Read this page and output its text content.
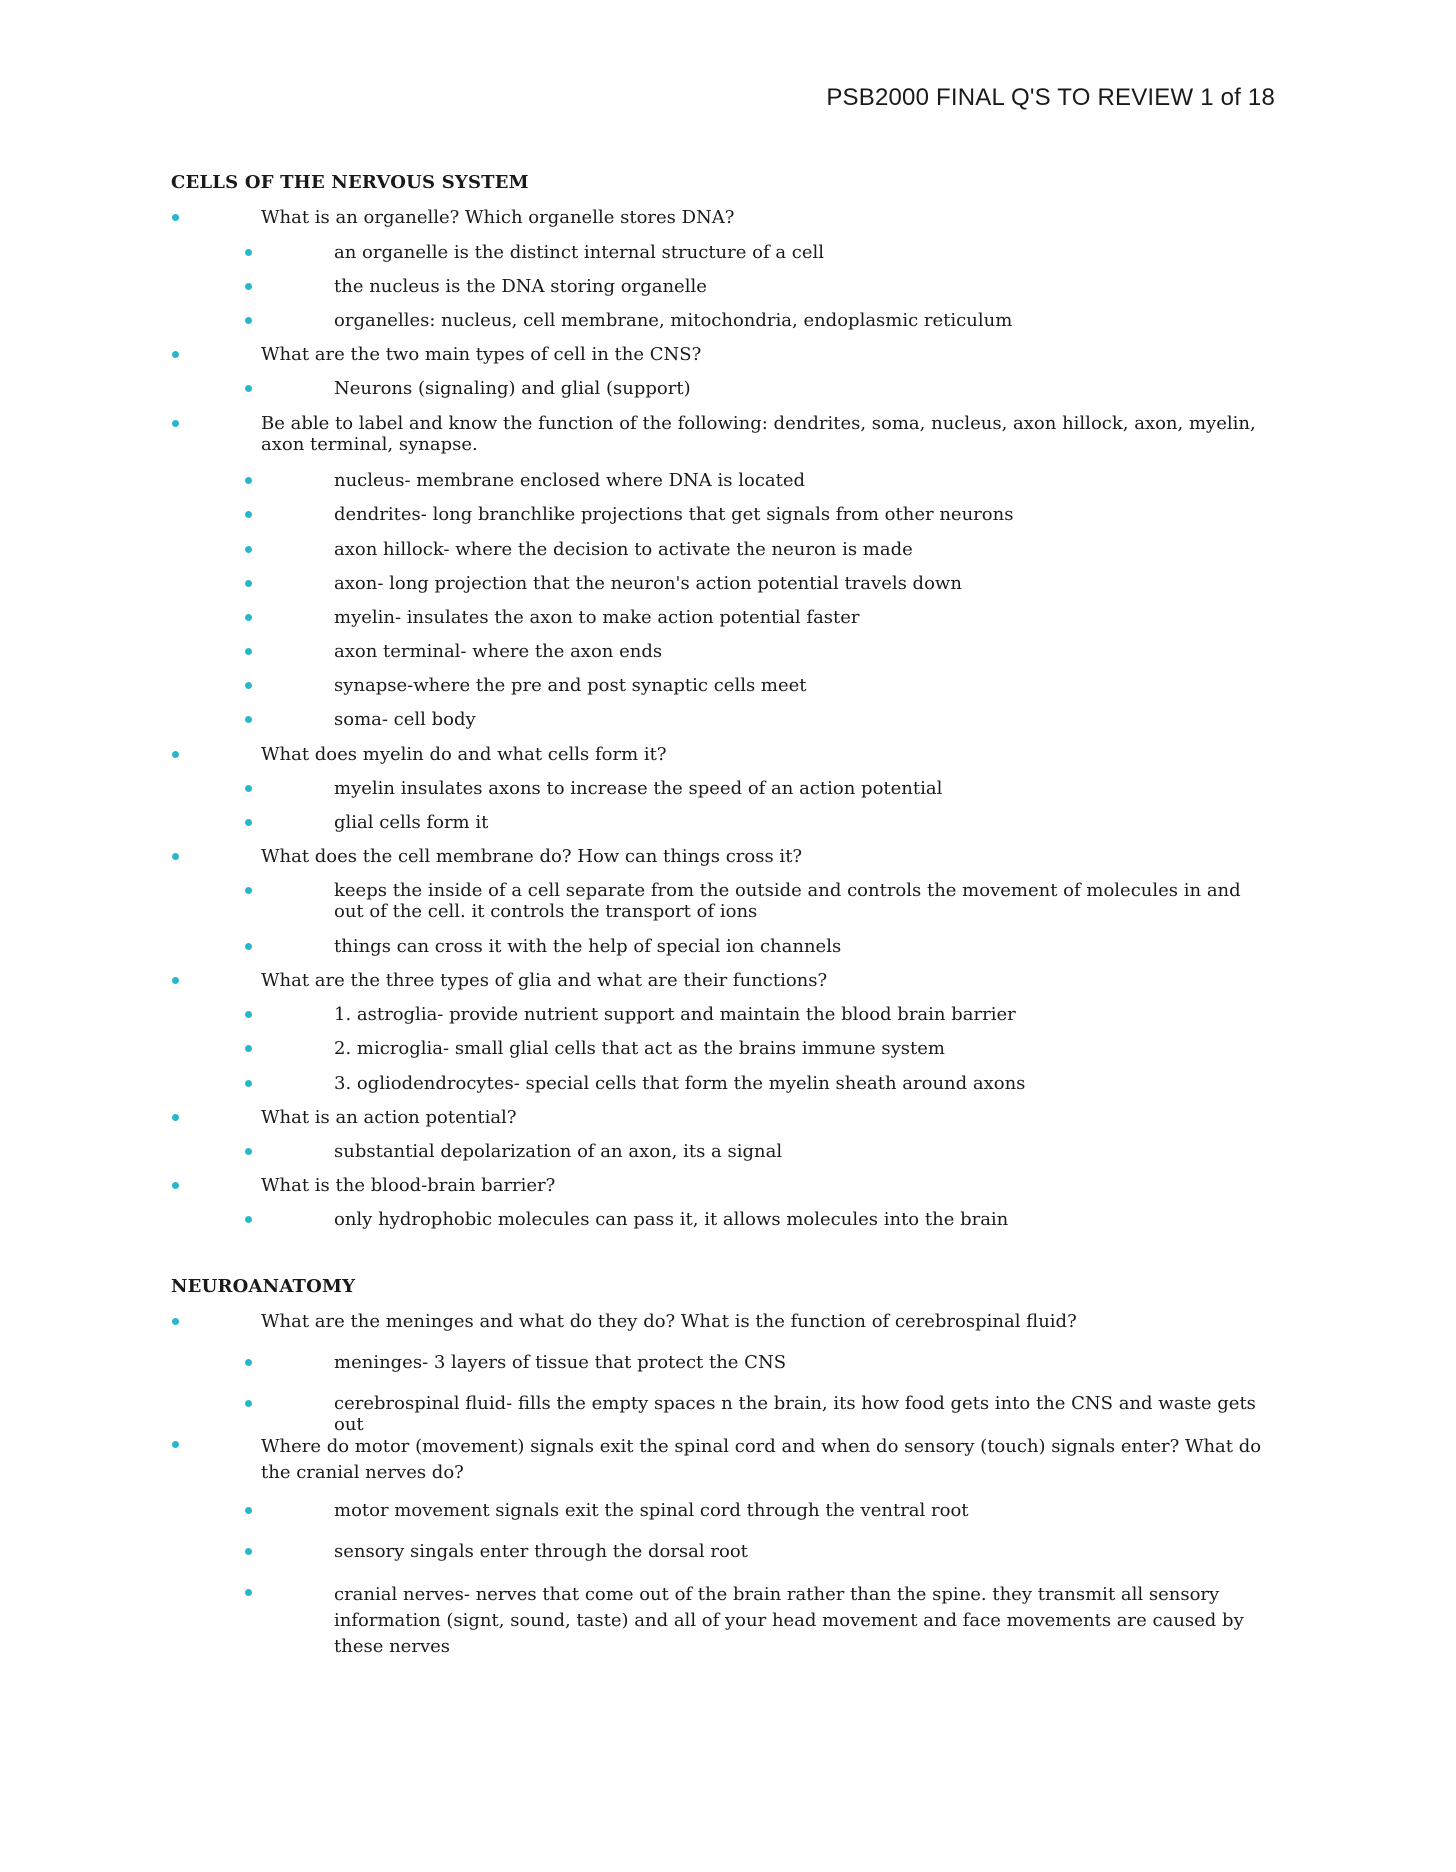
PSB2000 FINAL Q'S TO REVIEW 1 of 18
CELLS OF THE NERVOUS SYSTEM
What is an organelle? Which organelle stores DNA?
an organelle is the distinct internal structure of a cell
the nucleus is the DNA storing organelle
organelles: nucleus, cell membrane, mitochondria, endoplasmic reticulum
What are the two main types of cell in the CNS?
Neurons (signaling) and glial (support)
Be able to label and know the function of the following: dendrites, soma, nucleus, axon hillock, axon, myelin, axon terminal, synapse.
nucleus- membrane enclosed where DNA is located
dendrites- long branchlike projections that get signals from other neurons
axon hillock- where the decision to activate the neuron is made
axon- long projection that the neuron's action potential travels down
myelin- insulates the axon to make action potential faster
axon terminal- where the axon ends
synapse-where the pre and post synaptic cells meet
soma- cell body
What does myelin do and what cells form it?
myelin insulates axons to increase the speed of an action potential
glial cells form it
What does the cell membrane do? How can things cross it?
keeps the inside of a cell separate from the outside and controls the movement of molecules in and out of the cell. it controls the transport of ions
things can cross it with the help of special ion channels
What are the three types of glia and what are their functions?
1. astroglia- provide nutrient support and maintain the blood brain barrier
2. microglia- small glial cells that act as the brains immune system
3. ogliodendrocytes- special cells that form the myelin sheath around axons
What is an action potential?
substantial depolarization of an axon, its a signal
What is the blood-brain barrier?
only hydrophobic molecules can pass it, it allows molecules into the brain
NEUROANATOMY
What are the meninges and what do they do? What is the function of cerebrospinal fluid?
meninges- 3 layers of tissue that protect the CNS
cerebrospinal fluid- fills the empty spaces n the brain, its how food gets into the CNS and waste gets out
Where do motor (movement) signals exit the spinal cord and when do sensory (touch) signals enter? What do the cranial nerves do?
motor movement signals exit the spinal cord through the ventral root
sensory singals enter through the dorsal root
cranial nerves- nerves that come out of the brain rather than the spine. they transmit all sensory information (signt, sound, taste) and all of your head movement and face movements are caused by these nerves
